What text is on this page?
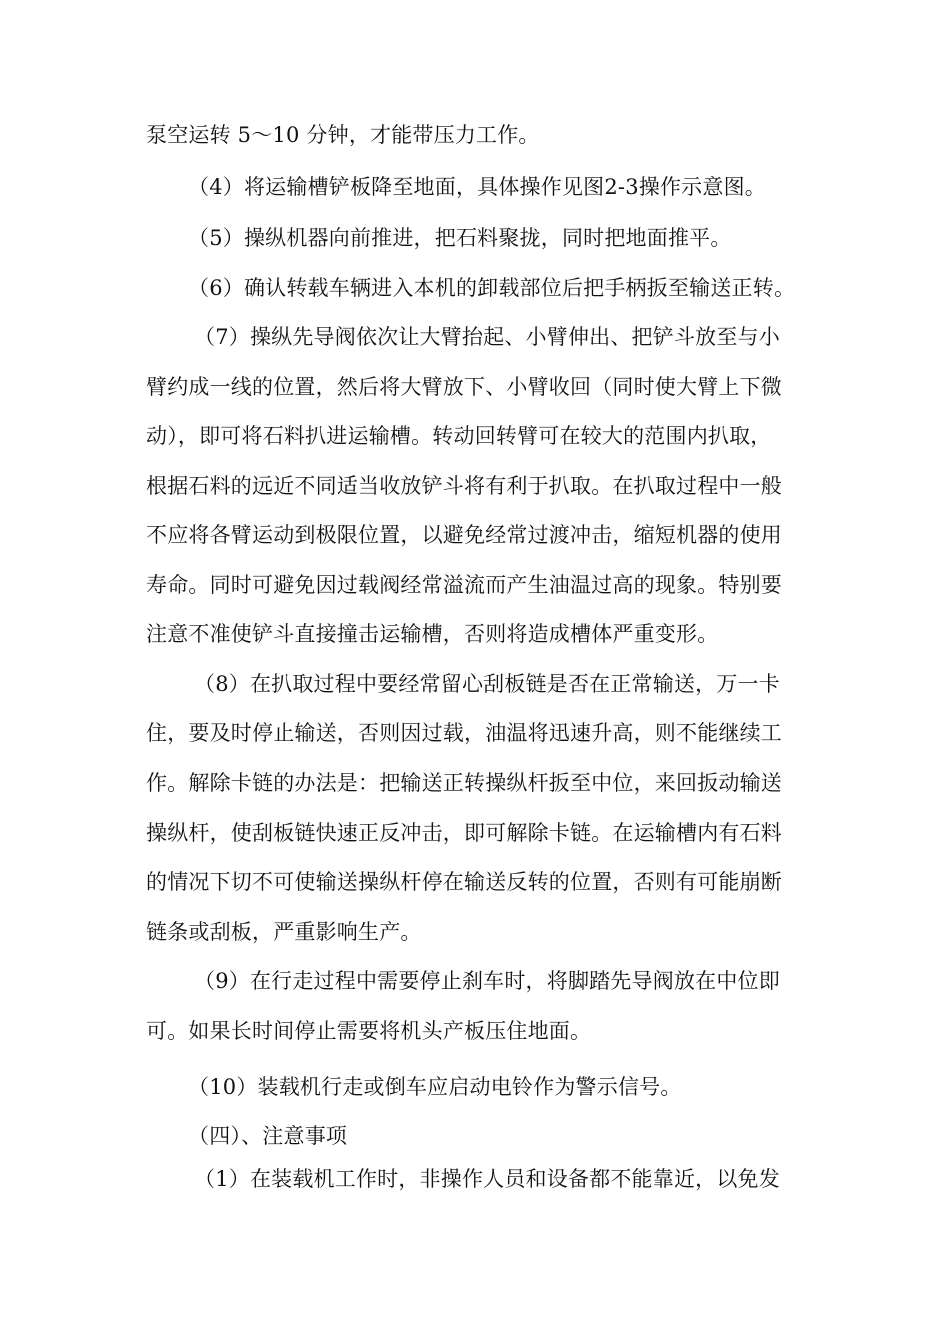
泵空运转 5～10 分钟，才能带压力工作。
（4）将运输槽铲板降至地面，具体操作见图2-3操作示意图。
（5）操纵机器向前推进，把石料聚拢，同时把地面推平。
（6）确认转载车辆进入本机的卸载部位后把手柄扳至输送正转。
（7）操纵先导阀依次让大臂抬起、小臂伸出、把铲斗放至与小
臂约成一线的位置，然后将大臂放下、小臂收回（同时使大臂上下微
动），即可将石料扒进运输槽。转动回转臂可在较大的范围内扒取，
根据石料的远近不同适当收放铲斗将有利于扒取。在扒取过程中一般
不应将各臂运动到极限位置，以避免经常过渡冲击，缩短机器的使用
寿命。同时可避免因过载阀经常溢流而产生油温过高的现象。特别要
注意不准使铲斗直接撞击运输槽，否则将造成槽体严重变形。
（8）在扒取过程中要经常留心刮板链是否在正常输送，万一卡
住，要及时停止输送，否则因过载，油温将迅速升高，则不能继续工
作。解除卡链的办法是：把输送正转操纵杆扳至中位，来回扳动输送
操纵杆，使刮板链快速正反冲击，即可解除卡链。在运输槽内有石料
的情况下切不可使输送操纵杆停在输送反转的位置，否则有可能崩断
链条或刮板，严重影响生产。
（9）在行走过程中需要停止刹车时，将脚踏先导阀放在中位即
可。如果长时间停止需要将机头产板压住地面。
（10）装载机行走或倒车应启动电铃作为警示信号。
（四）、注意事项
（1）在装载机工作时，非操作人员和设备都不能靠近，以免发
